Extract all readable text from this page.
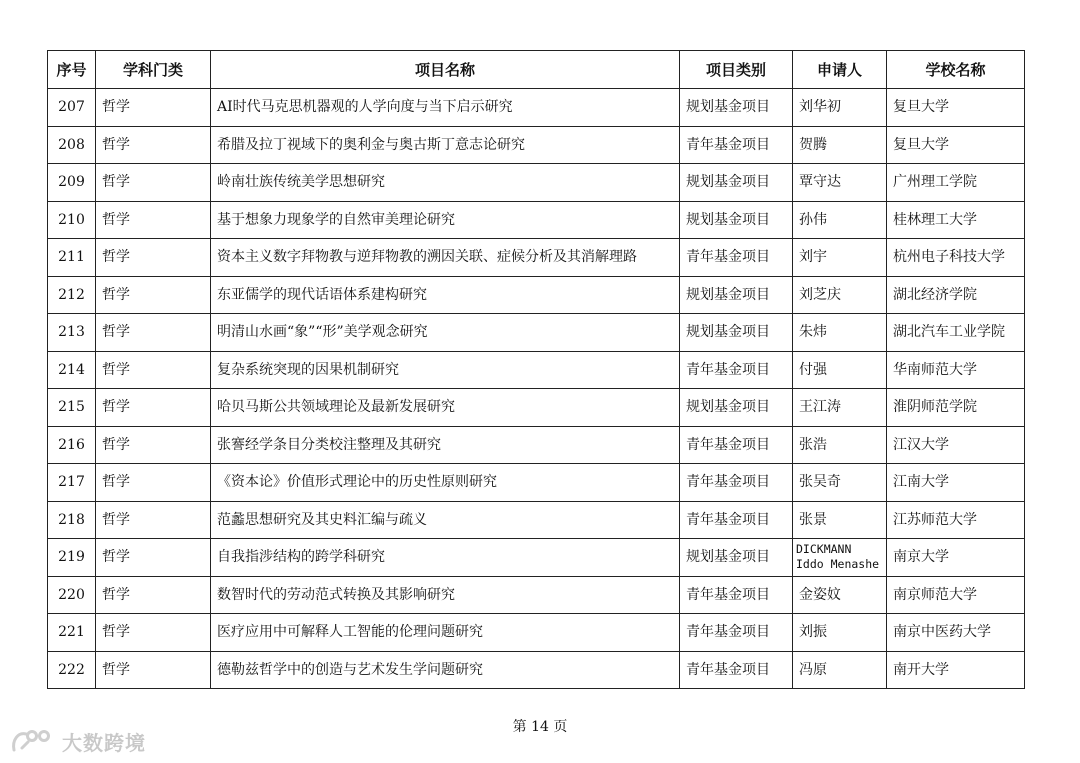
序号	学科门类	项目名称	项目类别	申请人	学校名称
207	哲学	AI时代马克思机器观的人学向度与当下启示研究	规划基金项目	刘华初	复旦大学
208	哲学	希腊及拉丁视域下的奥利金与奥古斯丁意志论研究	青年基金项目	贺腾	复旦大学
209	哲学	岭南壮族传统美学思想研究	规划基金项目	覃守达	广州理工学院
210	哲学	基于想象力现象学的自然审美理论研究	规划基金项目	孙伟	桂林理工大学
211	哲学	资本主义数字拜物教与逆拜物教的溯因关联、症候分析及其消解理路	青年基金项目	刘宇	杭州电子科技大学
212	哲学	东亚儒学的现代话语体系建构研究	规划基金项目	刘芝庆	湖北经济学院
213	哲学	明清山水画“象”“形”美学观念研究	规划基金项目	朱炜	湖北汽车工业学院
214	哲学	复杂系统突现的因果机制研究	青年基金项目	付强	华南师范大学
215	哲学	哈贝马斯公共领域理论及最新发展研究	规划基金项目	王江涛	淮阴师范学院
216	哲学	张謇经学条目分类校注整理及其研究	青年基金项目	张浩	江汉大学
217	哲学	《资本论》价值形式理论中的历史性原则研究	青年基金项目	张吴奇	江南大学
218	哲学	范蠡思想研究及其史料汇编与疏义	青年基金项目	张景	江苏师范大学
219	哲学	自我指涉结构的跨学科研究	规划基金项目	DICKMANN Iddo Menashe	南京大学
220	哲学	数智时代的劳动范式转换及其影响研究	青年基金项目	金姿妏	南京师范大学
221	哲学	医疗应用中可解释人工智能的伦理问题研究	青年基金项目	刘振	南京中医药大学
222	哲学	德勒兹哲学中的创造与艺术发生学问题研究	青年基金项目	冯原	南开大学
第 14 页
大数跨境
